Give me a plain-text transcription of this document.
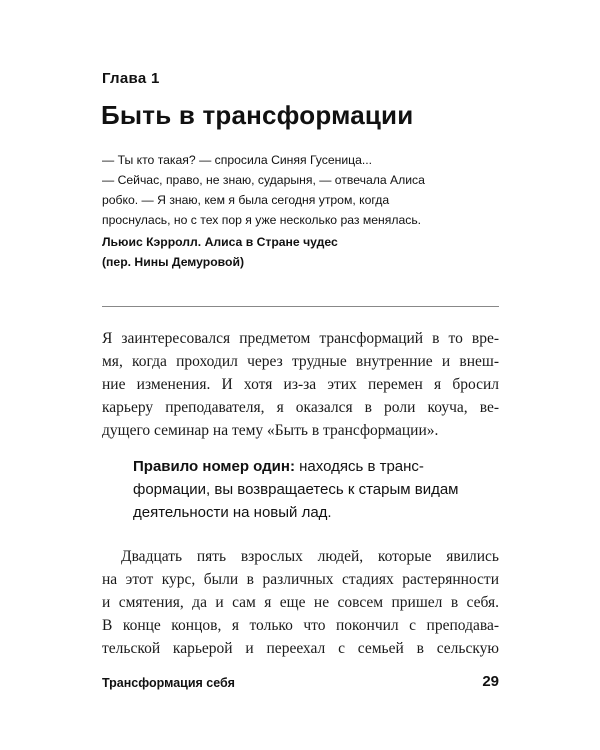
Глава 1
Быть в трансформации
— Ты кто такая? — спросила Синяя Гусеница...
— Сейчас, право, не знаю, сударыня, — отвечала Алиса
робко. — Я знаю, кем я была сегодня утром, когда
проснулась, но с тех пор я уже несколько раз менялась.
Льюис Кэрролл. Алиса в Стране чудес
(пер. Нины Демуровой)
Я заинтересовался предметом трансформаций в то вре-
мя, когда проходил через трудные внутренние и внеш-
ние изменения. И хотя из-за этих перемен я бросил
карьеру преподавателя, я оказался в роли коуча, ве-
дущего семинар на тему «Быть в трансформации».
Правило номер один: находясь в транс-
формации, вы возвращаетесь к старым видам
деятельности на новый лад.
Двадцать пять взрослых людей, которые явились
на этот курс, были в различных стадиях растерянности
и смятения, да и сам я еще не совсем пришел в себя.
В конце концов, я только что покончил с преподава-
тельской карьерой и переехал с семьей в сельскую
Трансформация себя	29
